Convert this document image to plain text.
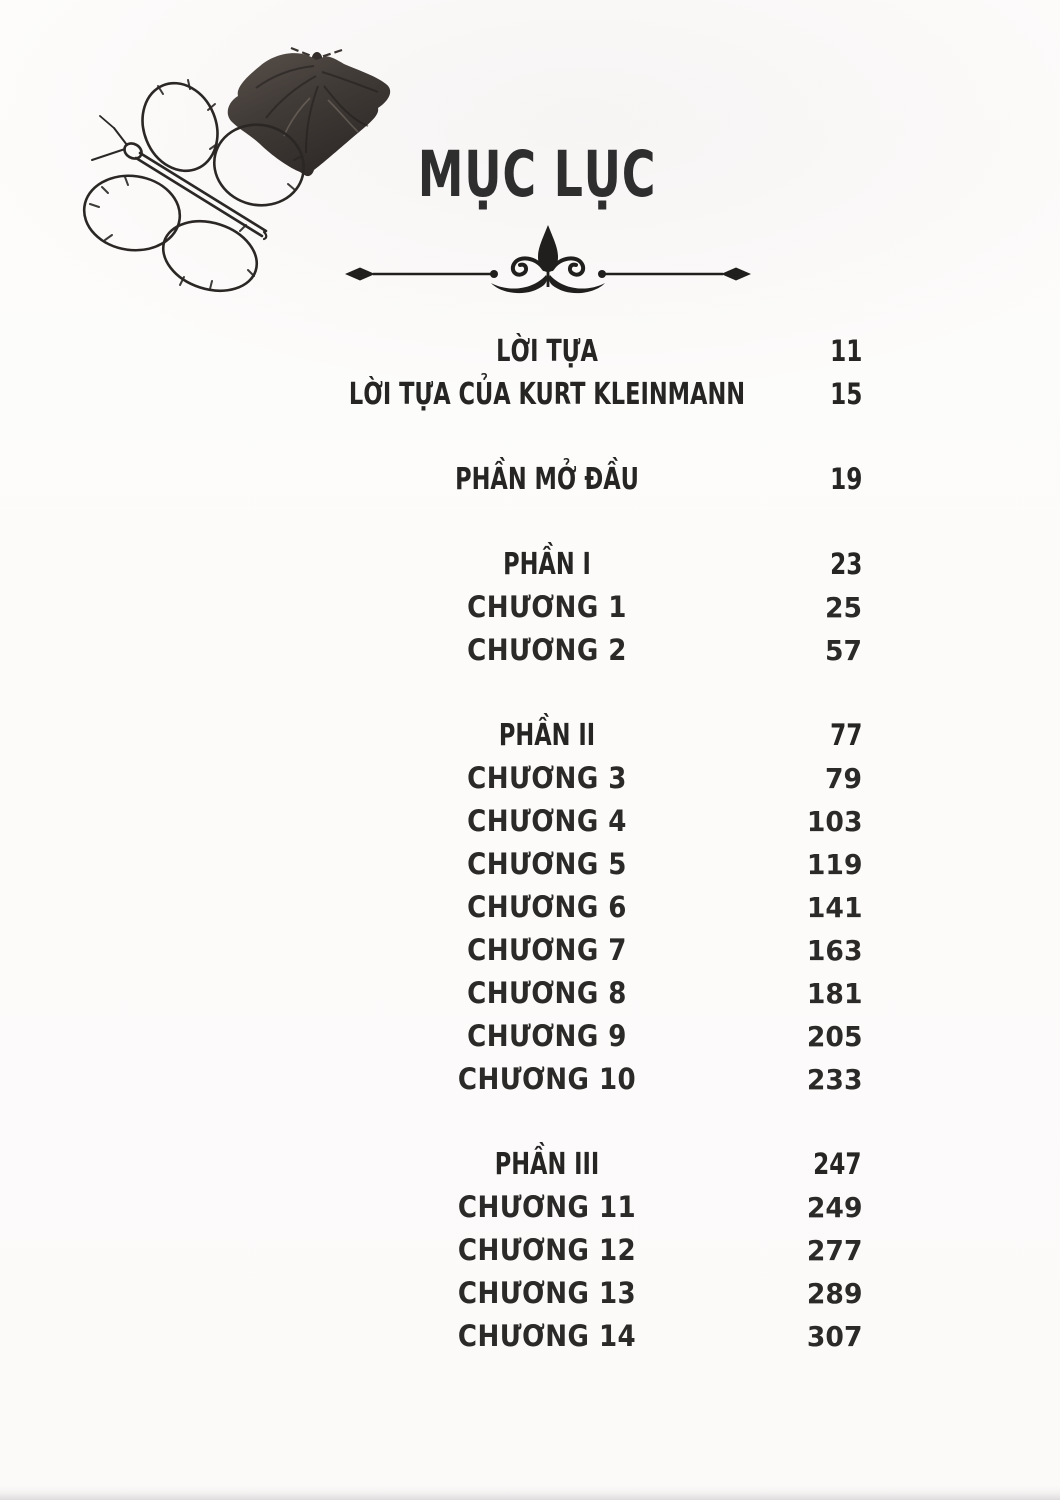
MỤC LỤC
LỜI TỰA	11
LỜI TỰA CỦA KURT KLEINMANN	15
PHẦN MỞ ĐẦU	19
PHẦN I	23
CHƯƠNG 1	25
CHƯƠNG 2	57
PHẦN II	77
CHƯƠNG 3	79
CHƯƠNG 4	103
CHƯƠNG 5	119
CHƯƠNG 6	141
CHƯƠNG 7	163
CHƯƠNG 8	181
CHƯƠNG 9	205
CHƯƠNG 10	233
PHẦN III	247
CHƯƠNG 11	249
CHƯƠNG 12	277
CHƯƠNG 13	289
CHƯƠNG 14	307
